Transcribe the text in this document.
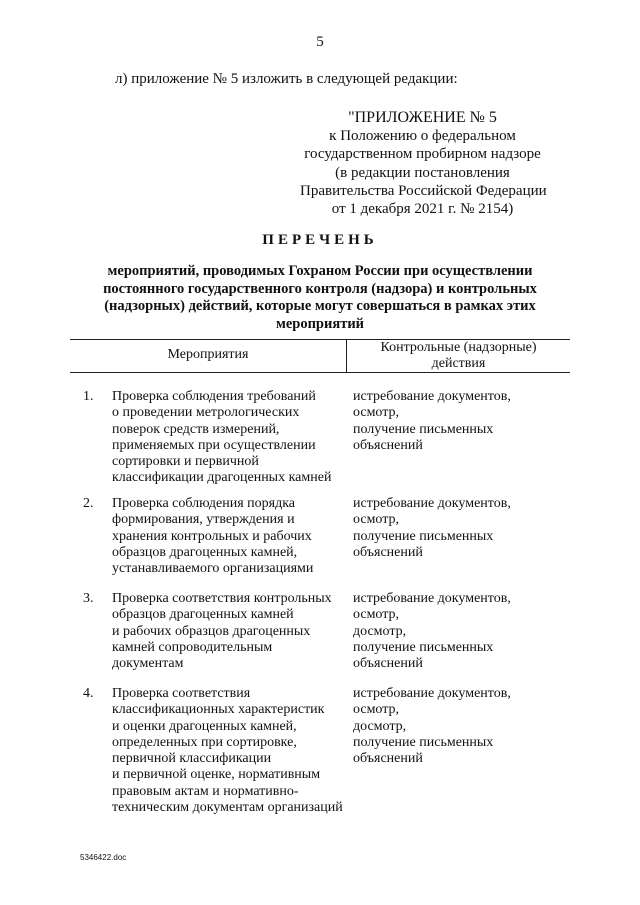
5
л) приложение № 5 изложить в следующей редакции:
"ПРИЛОЖЕНИЕ № 5
к Положению о федеральном
государственном пробирном надзоре
(в редакции постановления
Правительства Российской Федерации
от 1 декабря 2021 г. № 2154)
ПЕРЕЧЕНЬ
мероприятий, проводимых Гохраном России при осуществлении
постоянного государственного контроля (надзора) и контрольных
(надзорных) действий, которые могут совершаться в рамках этих
мероприятий
Мероприятия	Контрольные (надзорные)
действия
1. Проверка соблюдения требований
о проведении метрологических
поверок средств измерений,
применяемых при осуществлении
сортировки и первичной
классификации драгоценных камней
истребование документов,
осмотр,
получение письменных
объяснений
2. Проверка соблюдения порядка
формирования, утверждения и
хранения контрольных и рабочих
образцов драгоценных камней,
устанавливаемого организациями
истребование документов,
осмотр,
получение письменных
объяснений
3. Проверка соответствия контрольных
образцов драгоценных камней
и рабочих образцов драгоценных
камней сопроводительным
документам
истребование документов,
осмотр,
досмотр,
получение письменных
объяснений
4. Проверка соответствия
классификационных характеристик
и оценки драгоценных камней,
определенных при сортировке,
первичной классификации
и первичной оценке, нормативным
правовым актам и нормативно-
техническим документам организаций
истребование документов,
осмотр,
досмотр,
получение письменных
объяснений
5346422.doc
